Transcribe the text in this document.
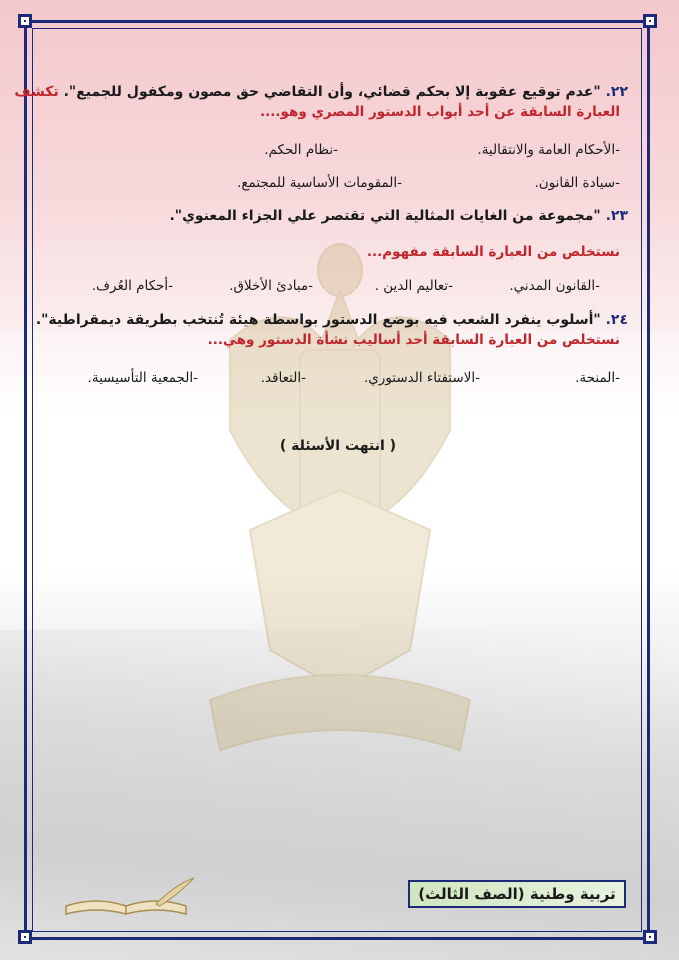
٢٢. "عدم توقيع عقوبة إلا بحكم قضائي، وأن التقاضي حق مصون ومكفول للجميع". تكشف
العبارة السابقة عن أحد أبواب الدستور المصري وهو....
-الأحكام العامة والانتقالية.
-نظام الحكم.
-سيادة القانون.
-المقومات الأساسية للمجتمع.
٢٣. "مجموعة من الغايات المثالية التي تقتصر علي الجزاء المعنوي".
نستخلص من العبارة السابقة مفهوم...
-القانون المدني.
-تعاليم الدين .
-مبادئ الأخلاق.
-أحكام العُرف.
٢٤. "أسلوب ينفرد الشعب فيه بوضع الدستور بواسطة هيئة تُنتخب بطريقة ديمقراطية".
نستخلص من العبارة السابقة أحد أساليب نشأة الدستور وهي...
-المنحة.
-الاستفتاء الدستوري.
-التعاقد.
-الجمعية التأسيسية.
( انتهت الأسئلة )
تربية وطنية (الصف الثالث)
